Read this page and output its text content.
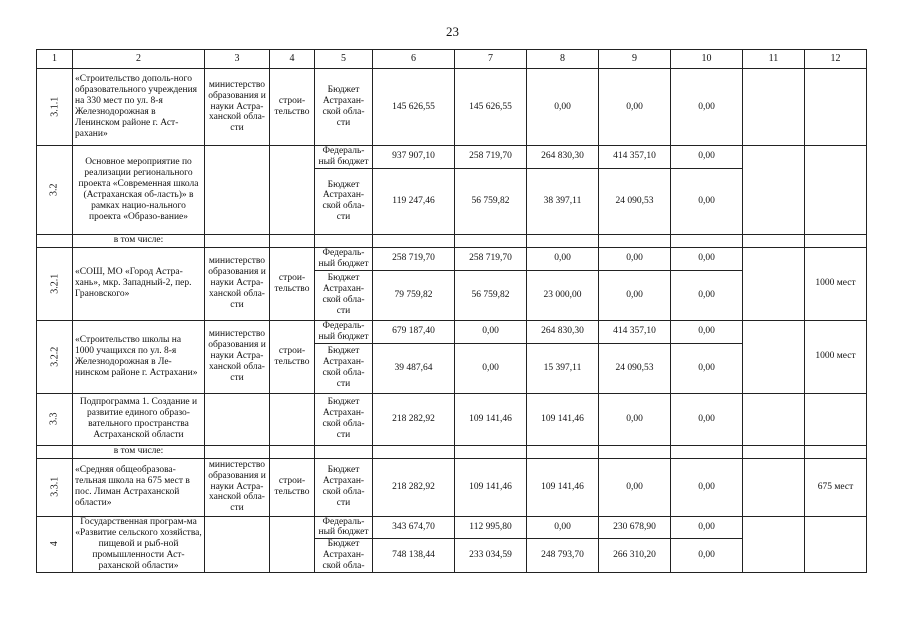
23
1	2	3	4	5	6	7	8	9	10	11	12
3.1.1	«Строительство дополь-ного образовательного учреждения на 330 мест по ул. 8-я Железнодорожная в Ленинском районе г. Аст-рахани»	министерство образования и науки Астра-ханской обла-сти	строи-тельство	Бюджет Астрахан-ской обла-сти	145 626,55	145 626,55	0,00	0,00	0,00		
3.2	Основное мероприятие по реализации регионального проекта «Современная школа (Астраханская об-ласть)» в рамках нацио-нального проекта «Образо-вание»			Федераль-ный бюджет	937 907,10	258 719,70	264 830,30	414 357,10	0,00		
				Бюджет Астрахан-ской обла-сти	119 247,46	56 759,82	38 397,11	24 090,53	0,00		
	в том числе:										
3.2.1	«СОШ, МО «Город Астра-хань», мкр. Западный-2, пер. Грановского»	министерство образования и науки Астра-ханской обла-сти	строи-тельство	Федераль-ный бюджет	258 719,70	258 719,70	0,00	0,00	0,00		1000 мест
				Бюджет Астрахан-ской обла-сти	79 759,82	56 759,82	23 000,00	0,00	0,00		
3.2.2	«Строительство школы на 1000 учащихся по ул. 8-я Железнодорожная в Ле-нинском районе г. Астрахани»	министерство образования и науки Астра-ханской обла-сти	строи-тельство	Федераль-ный бюджет	679 187,40	0,00	264 830,30	414 357,10	0,00		1000 мест
				Бюджет Астрахан-ской обла-сти	39 487,64	0,00	15 397,11	24 090,53	0,00		
3.3	Подпрограмма 1. Создание и развитие единого образо-вательного пространства Астраханской области			Бюджет Астрахан-ской обла-сти	218 282,92	109 141,46	109 141,46	0,00	0,00		
	в том числе:										
3.3.1	«Средняя общеобразова-тельная школа на 675 мест в пос. Лиман Астраханской области»	министерство образования и науки Астра-ханской обла-сти	строи-тельство	Бюджет Астрахан-ской обла-сти	218 282,92	109 141,46	109 141,46	0,00	0,00		675 мест
4	Государственная програм-ма «Развитие сельского хозяйства, пищевой и рыб-ной промышленности Аст-раханской области»			Федераль-ный бюджет	343 674,70	112 995,80	0,00	230 678,90	0,00		
				Бюджет Астрахан-ской обла-	748 138,44	233 034,59	248 793,70	266 310,20	0,00		
